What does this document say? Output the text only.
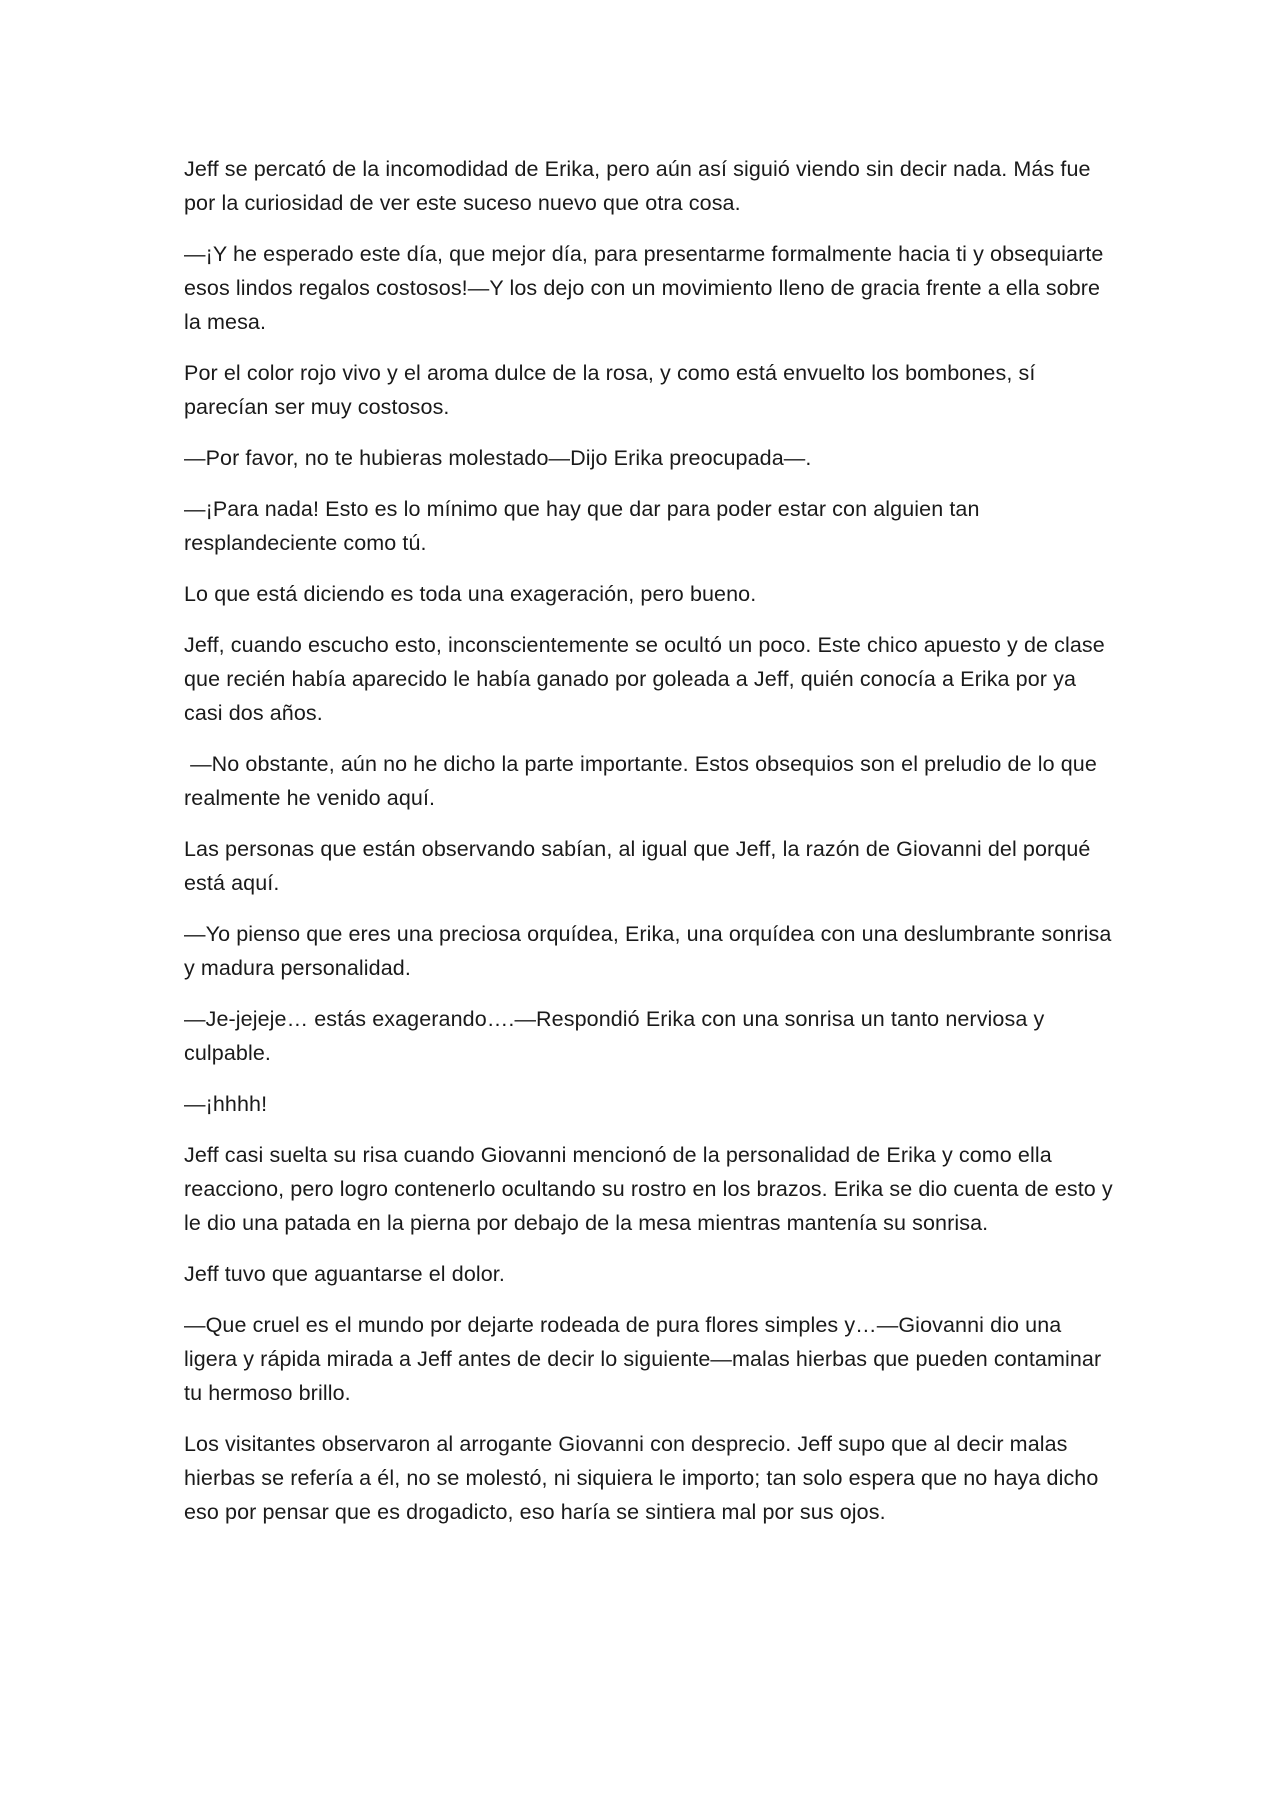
Jeff se percató de la incomodidad de Erika, pero aún así siguió viendo sin decir nada. Más fue por la curiosidad de ver este suceso nuevo que otra cosa.

—¡Y he esperado este día, que mejor día, para presentarme formalmente hacia ti y obsequiarte esos lindos regalos costosos!—Y los dejo con un movimiento lleno de gracia frente a ella sobre la mesa.

Por el color rojo vivo y el aroma dulce de la rosa, y como está envuelto los bombones, sí parecían ser muy costosos.

—Por favor, no te hubieras molestado—Dijo Erika preocupada—.

—¡Para nada! Esto es lo mínimo que hay que dar para poder estar con alguien tan resplandeciente como tú.

Lo que está diciendo es toda una exageración, pero bueno.

Jeff, cuando escucho esto, inconscientemente se ocultó un poco. Este chico apuesto y de clase que recién había aparecido le había ganado por goleada a Jeff, quién conocía a Erika por ya casi dos años.

—No obstante, aún no he dicho la parte importante. Estos obsequios son el preludio de lo que realmente he venido aquí.

Las personas que están observando sabían, al igual que Jeff, la razón de Giovanni del porqué está aquí.

—Yo pienso que eres una preciosa orquídea, Erika, una orquídea con una deslumbrante sonrisa y madura personalidad.

—Je-jejeje… estás exagerando….—Respondió Erika con una sonrisa un tanto nerviosa y culpable.

—¡hhhh!

Jeff casi suelta su risa cuando Giovanni mencionó de la personalidad de Erika y como ella reacciono, pero logro contenerlo ocultando su rostro en los brazos. Erika se dio cuenta de esto y le dio una patada en la pierna por debajo de la mesa mientras mantenía su sonrisa.

Jeff tuvo que aguantarse el dolor.

—Que cruel es el mundo por dejarte rodeada de pura flores simples y…—Giovanni dio una ligera y rápida mirada a Jeff antes de decir lo siguiente—malas hierbas que pueden contaminar tu hermoso brillo.

Los visitantes observaron al arrogante Giovanni con desprecio. Jeff supo que al decir malas hierbas se refería a él, no se molestó, ni siquiera le importo; tan solo espera que no haya dicho eso por pensar que es drogadicto, eso haría se sintiera mal por sus ojos.
